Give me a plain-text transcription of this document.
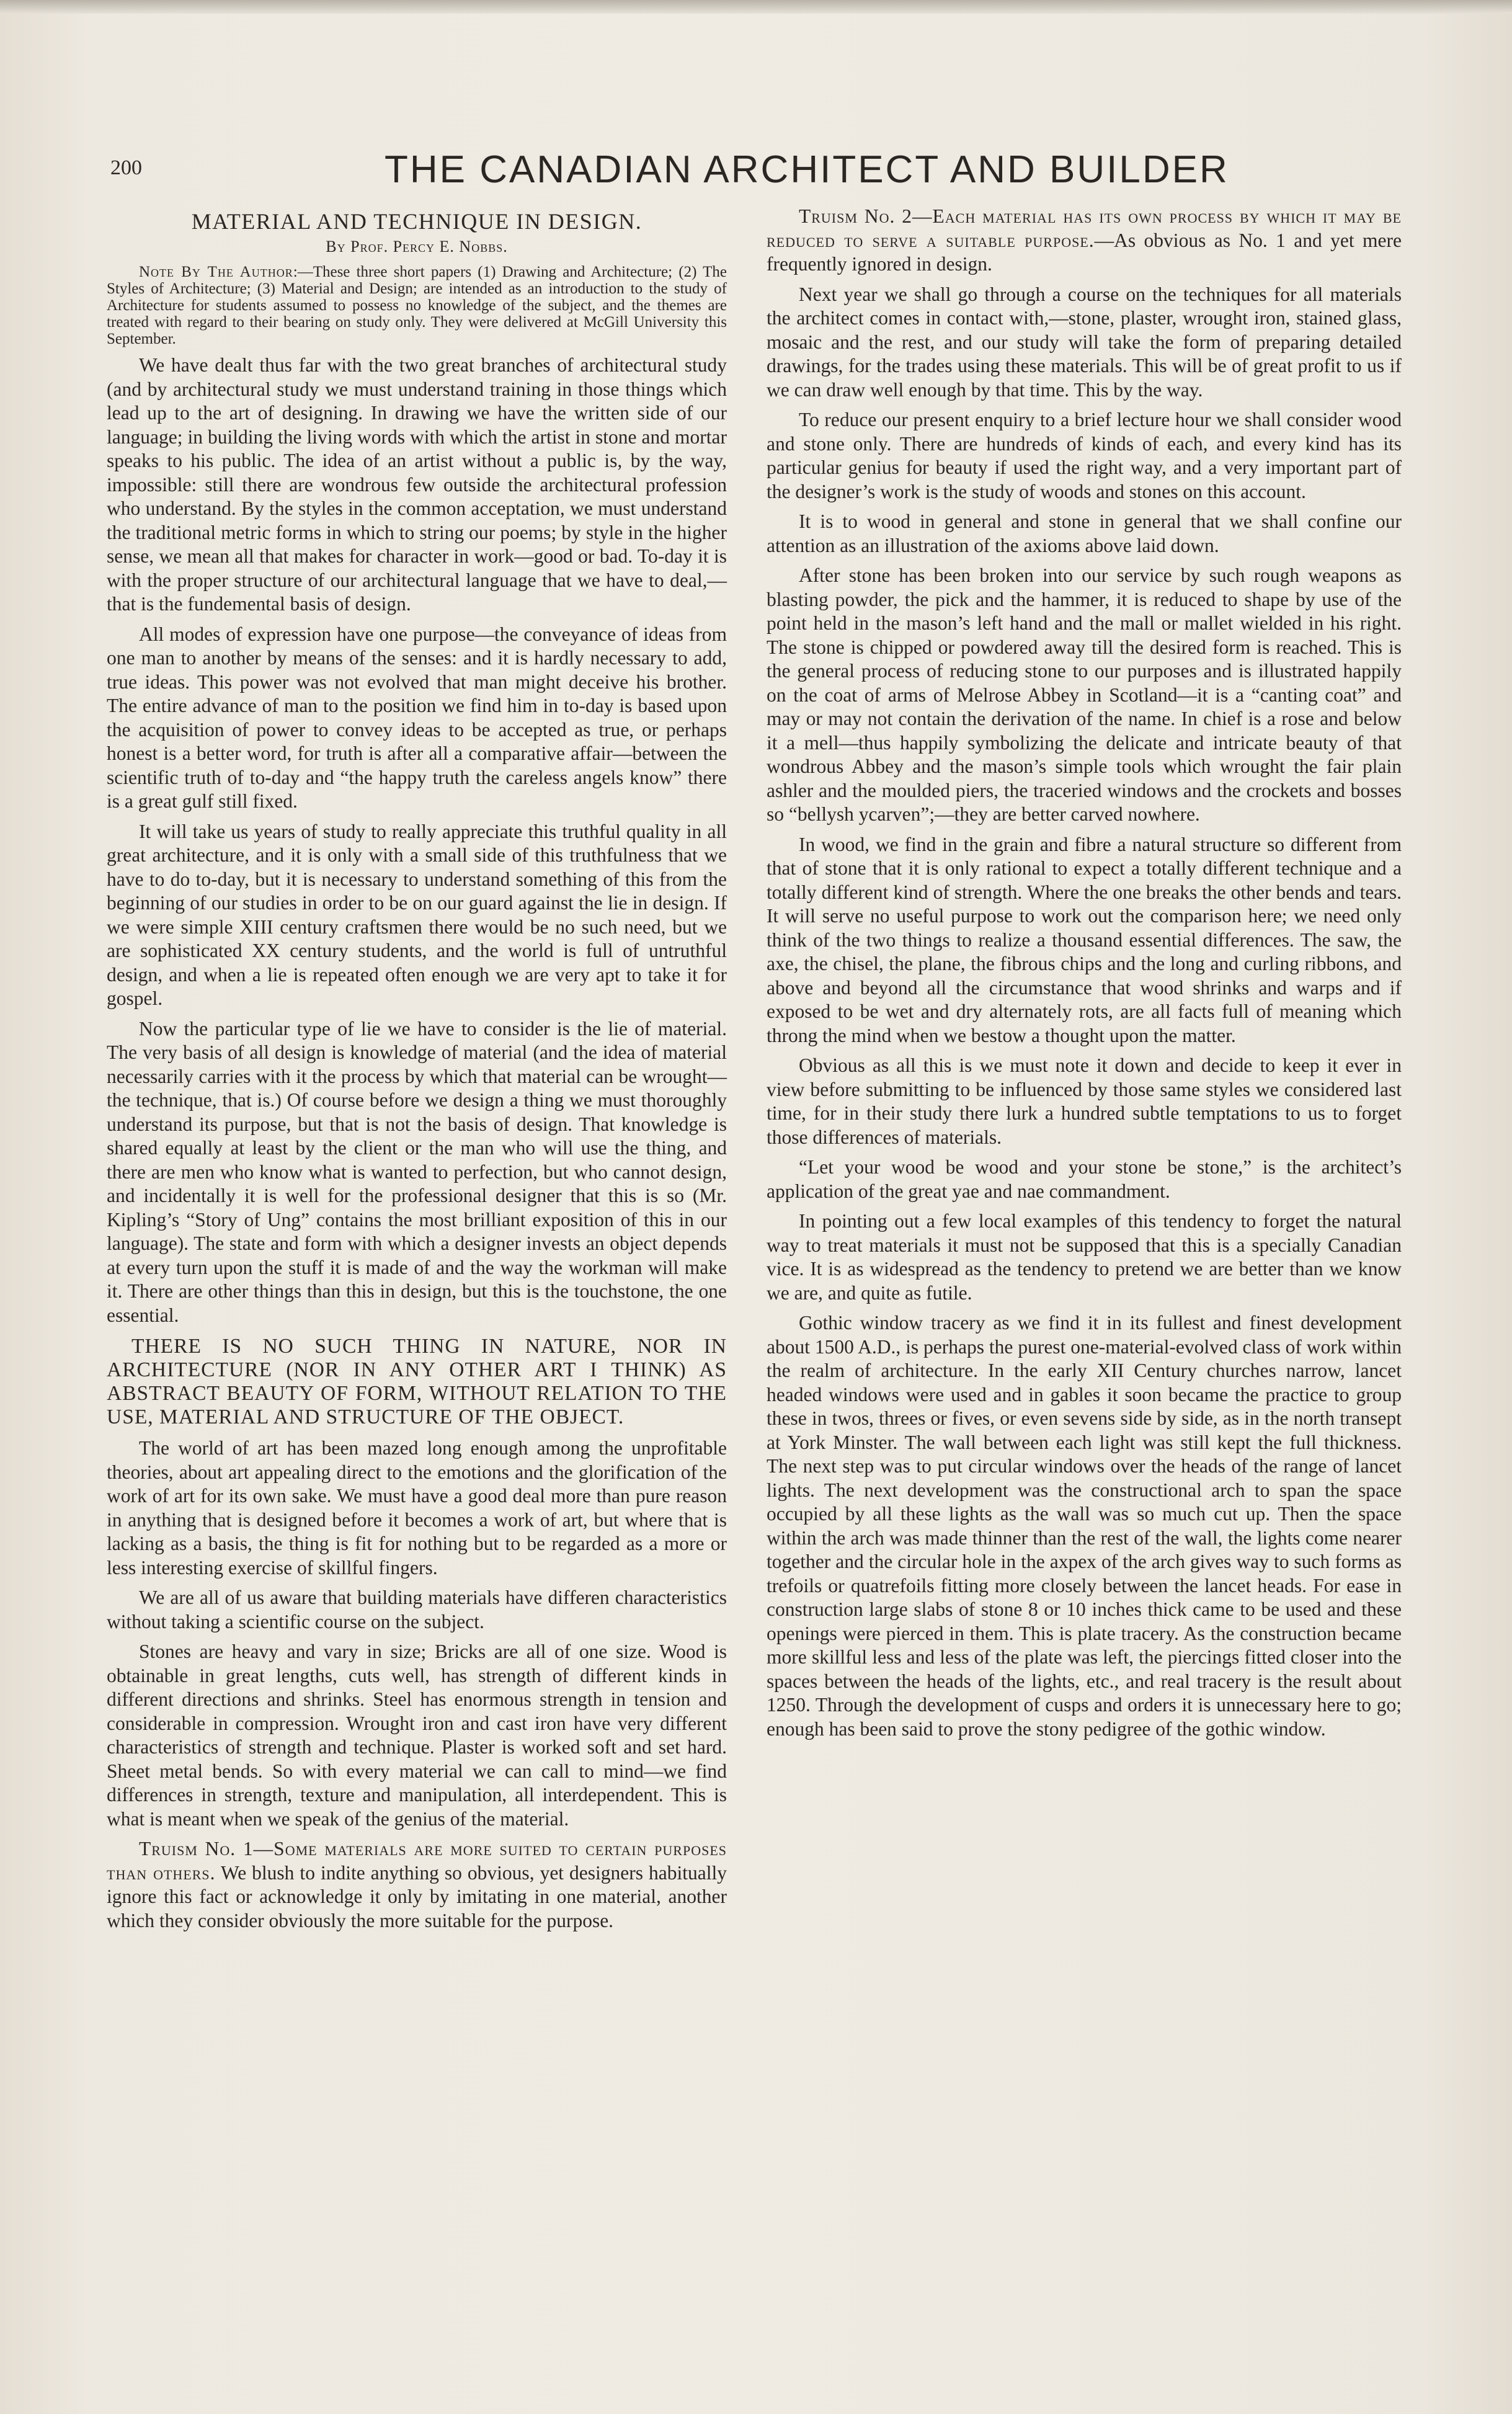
200	THE CANADIAN ARCHITECT AND BUILDER
MATERIAL AND TECHNIQUE IN DESIGN.
By Prof. Percy E. Nobbs.

Note By The Author:—These three short papers (1) Drawing and Architecture; (2) The Styles of Architecture; (3) Material and Design; are intended as an introduction to the study of Architecture for students assumed to possess no knowledge of the subject, and the themes are treated with regard to their bearing on study only. They were delivered at McGill University this September.

We have dealt thus far with the two great branches of architectural study (and by architectural study we must understand training in those things which lead up to the art of designing. In drawing we have the written side of our language; in building the living words with which the artist in stone and mortar speaks to his public. The idea of an artist without a public is, by the way, impossible: still there are wondrous few outside the architectural profession who understand. By the styles in the common acceptation, we must understand the traditional metric forms in which to string our poems; by style in the higher sense, we mean all that makes for character in work—good or bad. To-day it is with the proper structure of our architectural language that we have to deal,—that is the fundemental basis of design.

All modes of expression have one purpose—the conveyance of ideas from one man to another by means of the senses: and it is hardly necessary to add, true ideas. This power was not evolved that man might deceive his brother. The entire advance of man to the position we find him in to-day is based upon the acquisition of power to convey ideas to be accepted as true, or perhaps honest is a better word, for truth is after all a comparative affair—between the scientific truth of to-day and “the happy truth the careless angels know” there is a great gulf still fixed.

It will take us years of study to really appreciate this truthful quality in all great architecture, and it is only with a small side of this truthfulness that we have to do to-day, but it is necessary to understand something of this from the beginning of our studies in order to be on our guard against the lie in design. If we were simple XIII century craftsmen there would be no such need, but we are sophisticated XX century students, and the world is full of untruthful design, and when a lie is repeated often enough we are very apt to take it for gospel.

Now the particular type of lie we have to consider is the lie of material. The very basis of all design is knowledge of material (and the idea of material necessarily carries with it the process by which that material can be wrought—the technique, that is.) Of course before we design a thing we must thoroughly understand its purpose, but that is not the basis of design. That knowledge is shared equally at least by the client or the man who will use the thing, and there are men who know what is wanted to perfection, but who cannot design, and incidentally it is well for the professional designer that this is so (Mr. Kipling’s “Story of Ung” contains the most brilliant exposition of this in our language). The state and form with which a designer invests an object depends at every turn upon the stuff it is made of and the way the workman will make it. There are other things than this in design, but this is the touchstone, the one essential.

THERE IS NO SUCH THING IN NATURE, NOR IN ARCHITECTURE (NOR IN ANY OTHER ART I THINK) AS ABSTRACT BEAUTY OF FORM, WITHOUT RELATION TO THE USE, MATERIAL AND STRUCTURE OF THE OBJECT.

The world of art has been mazed long enough among the unprofitable theories, about art appealing direct to the emotions and the glorification of the work of art for its own sake. We must have a good deal more than pure reason in anything that is designed before it becomes a work of art, but where that is lacking as a basis, the thing is fit for nothing but to be regarded as a more or less interesting exercise of skillful fingers.

We are all of us aware that building materials have differen characteristics without taking a scientific course on the subject.

Stones are heavy and vary in size; Bricks are all of one size. Wood is obtainable in great lengths, cuts well, has strength of different kinds in different directions and shrinks. Steel has enormous strength in tension and considerable in compression. Wrought iron and cast iron have very different characteristics of strength and technique. Plaster is worked soft and set hard. Sheet metal bends. So with every material we can call to mind—we find differences in strength, texture and manipulation, all interdependent. This is what is meant when we speak of the genius of the material.

Truism No. 1—Some materials are more suited to certain purposes than others. We blush to indite anything so obvious, yet designers habitually ignore this fact or acknowledge it only by imitating in one material, another which they consider obviously the more suitable for the purpose.

Truism No. 2—Each material has its own process by which it may be reduced to serve a suitable purpose.—As obvious as No. 1 and yet mere frequently ignored in design.

Next year we shall go through a course on the techniques for all materials the architect comes in contact with,—stone, plaster, wrought iron, stained glass, mosaic and the rest, and our study will take the form of preparing detailed drawings, for the trades using these materials. This will be of great profit to us if we can draw well enough by that time. This by the way.

To reduce our present enquiry to a brief lecture hour we shall consider wood and stone only. There are hundreds of kinds of each, and every kind has its particular genius for beauty if used the right way, and a very important part of the designer’s work is the study of woods and stones on this account.

It is to wood in general and stone in general that we shall confine our attention as an illustration of the axioms above laid down.

After stone has been broken into our service by such rough weapons as blasting powder, the pick and the hammer, it is reduced to shape by use of the point held in the mason’s left hand and the mall or mallet wielded in his right. The stone is chipped or powdered away till the desired form is reached. This is the general process of reducing stone to our purposes and is illustrated happily on the coat of arms of Melrose Abbey in Scotland—it is a “canting coat” and may or may not contain the derivation of the name. In chief is a rose and below it a mell—thus happily symbolizing the delicate and intricate beauty of that wondrous Abbey and the mason’s simple tools which wrought the fair plain ashler and the moulded piers, the traceried windows and the crockets and bosses so “bellysh ycarven”;—they are better carved nowhere.

In wood, we find in the grain and fibre a natural structure so different from that of stone that it is only rational to expect a totally different technique and a totally different kind of strength. Where the one breaks the other bends and tears. It will serve no useful purpose to work out the comparison here; we need only think of the two things to realize a thousand essential differences. The saw, the axe, the chisel, the plane, the fibrous chips and the long and curling ribbons, and above and beyond all the circumstance that wood shrinks and warps and if exposed to be wet and dry alternately rots, are all facts full of meaning which throng the mind when we bestow a thought upon the matter.

Obvious as all this is we must note it down and decide to keep it ever in view before submitting to be influenced by those same styles we considered last time, for in their study there lurk a hundred subtle temptations to us to forget those differences of materials.

“Let your wood be wood and your stone be stone,” is the architect’s application of the great yae and nae commandment.

In pointing out a few local examples of this tendency to forget the natural way to treat materials it must not be supposed that this is a specially Canadian vice. It is as widespread as the tendency to pretend we are better than we know we are, and quite as futile.

Gothic window tracery as we find it in its fullest and finest development about 1500 A.D., is perhaps the purest one-material-evolved class of work within the realm of architecture. In the early XII Century churches narrow, lancet headed windows were used and in gables it soon became the practice to group these in twos, threes or fives, or even sevens side by side, as in the north transept at York Minster. The wall between each light was still kept the full thickness. The next step was to put circular windows over the heads of the range of lancet lights. The next development was the constructional arch to span the space occupied by all these lights as the wall was so much cut up. Then the space within the arch was made thinner than the rest of the wall, the lights come nearer together and the circular hole in the axpex of the arch gives way to such forms as trefoils or quatrefoils fitting more closely between the lancet heads. For ease in construction large slabs of stone 8 or 10 inches thick came to be used and these openings were pierced in them. This is plate tracery. As the construction became more skillful less and less of the plate was left, the piercings fitted closer into the spaces between the heads of the lights, etc., and real tracery is the result about 1250. Through the development of cusps and orders it is unnecessary here to go; enough has been said to prove the stony pedigree of the gothic window.
